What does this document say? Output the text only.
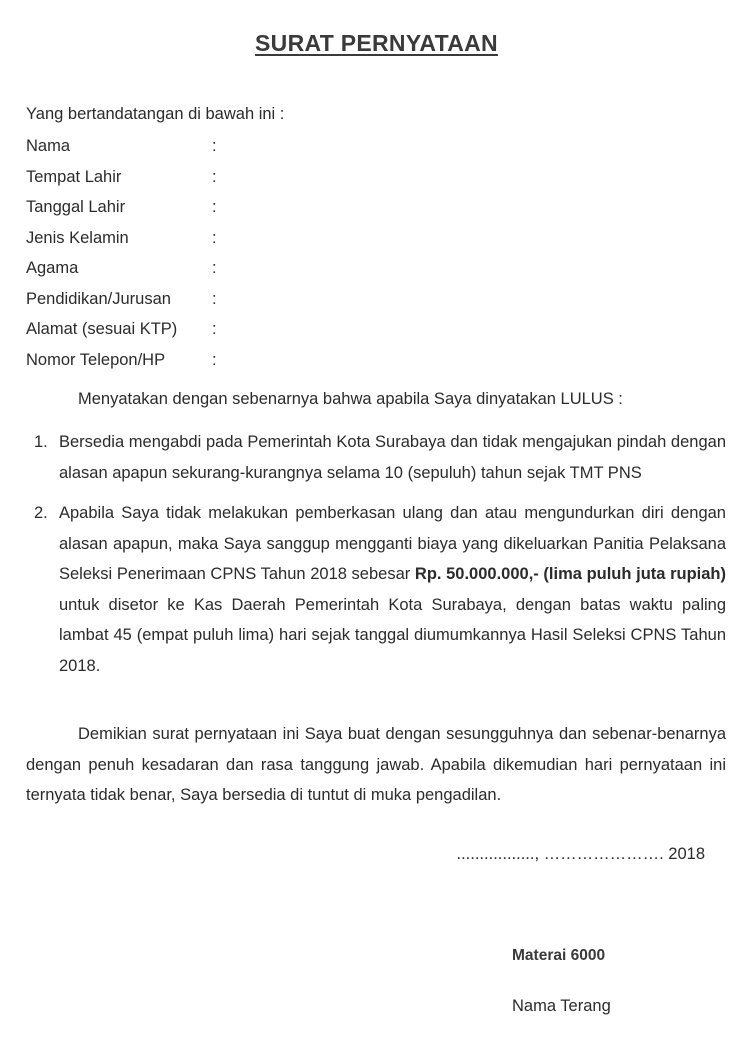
SURAT PERNYATAAN

Yang bertandatangan di bawah ini :

Nama	:
Tempat Lahir	:
Tanggal Lahir	:
Jenis Kelamin	:
Agama	:
Pendidikan/Jurusan :
Alamat (sesuai KTP) :
Nomor Telepon/HP	:

Menyatakan dengan sebenarnya bahwa apabila Saya dinyatakan LULUS :

1. Bersedia mengabdi pada Pemerintah Kota Surabaya dan tidak mengajukan pindah dengan alasan apapun sekurang-kurangnya selama 10 (sepuluh) tahun sejak TMT PNS
2. Apabila Saya tidak melakukan pemberkasan ulang dan atau mengundurkan diri dengan alasan apapun, maka Saya sanggup mengganti biaya yang dikeluarkan Panitia Pelaksana Seleksi Penerimaan CPNS Tahun 2018 sebesar Rp. 50.000.000,- (lima puluh juta rupiah) untuk disetor ke Kas Daerah Pemerintah Kota Surabaya, dengan batas waktu paling lambat 45 (empat puluh lima) hari sejak tanggal diumumkannya Hasil Seleksi CPNS Tahun 2018.

Demikian surat pernyataan ini Saya buat dengan sesungguhnya dan sebenar-benarnya dengan penuh kesadaran dan rasa tanggung jawab. Apabila dikemudian hari pernyataan ini ternyata tidak benar, Saya bersedia di tuntut di muka pengadilan.

................., …………………. 2018

Materai 6000

Nama Terang
